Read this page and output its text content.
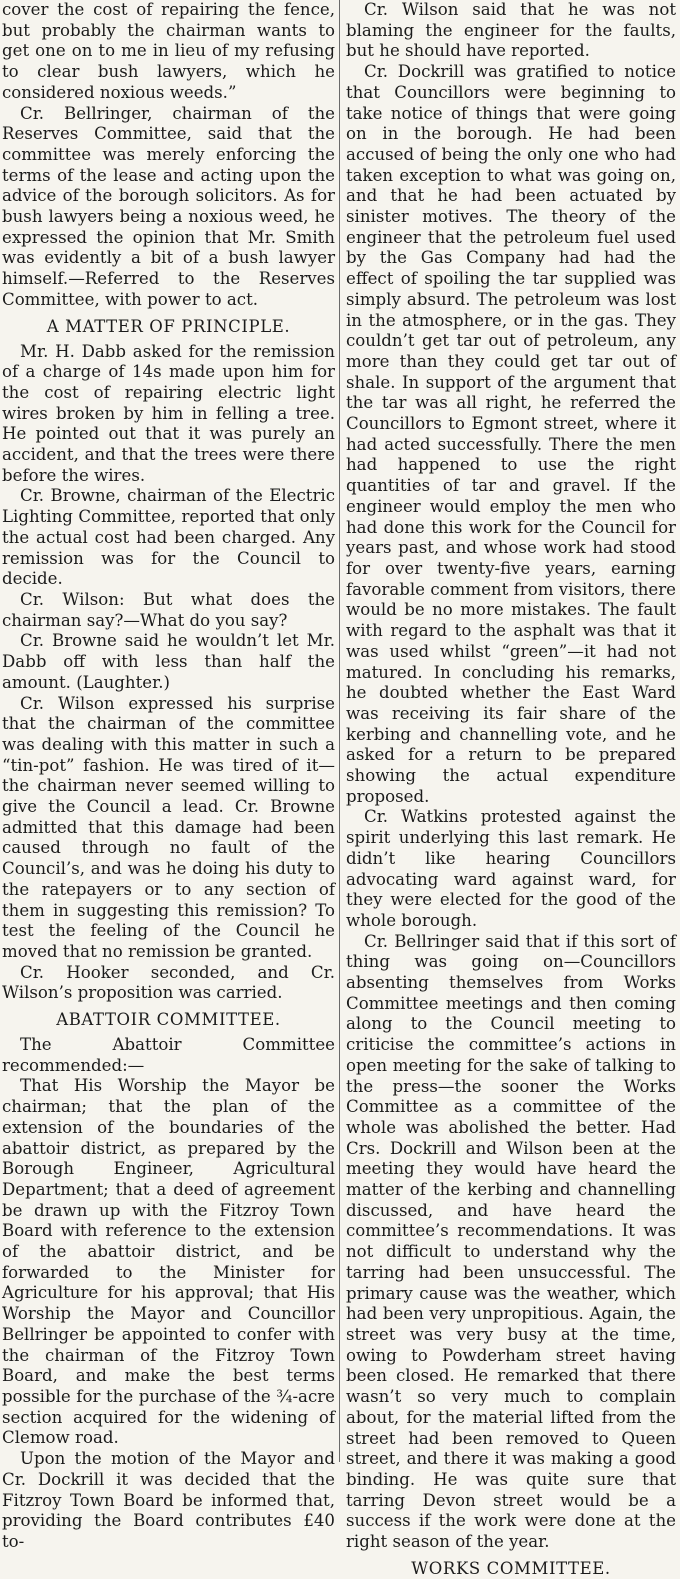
cover the cost of repairing the fence, but probably the chairman wants to get one on to me in lieu of my refusing to clear bush lawyers, which he considered noxious weeds.”

Cr. Bellringer, chairman of the Reserves Committee, said that the committee was merely enforcing the terms of the lease and acting upon the advice of the borough solicitors. As for bush lawyers being a noxious weed, he expressed the opinion that Mr. Smith was evidently a bit of a bush lawyer himself.—Referred to the Reserves Committee, with power to act.

A MATTER OF PRINCIPLE.

Mr. H. Dabb asked for the remission of a charge of 14s made upon him for the cost of repairing electric light wires broken by him in felling a tree. He pointed out that it was purely an accident, and that the trees were there before the wires.

Cr. Browne, chairman of the Electric Lighting Committee, reported that only the actual cost had been charged. Any remission was for the Council to decide.

Cr. Wilson: But what does the chairman say?—What do you say?

Cr. Browne said he wouldn’t let Mr. Dabb off with less than half the amount. (Laughter.)

Cr. Wilson expressed his surprise that the chairman of the committee was dealing with this matter in such a “tin-pot” fashion. He was tired of it—the chairman never seemed willing to give the Council a lead. Cr. Browne admitted that this damage had been caused through no fault of the Council’s, and was he doing his duty to the ratepayers or to any section of them in suggesting this remission? To test the feeling of the Council he moved that no remission be granted.

Cr. Hooker seconded, and Cr. Wilson’s proposition was carried.

ABATTOIR COMMITTEE.

The Abattoir Committee recommended:—

That His Worship the Mayor be chairman; that the plan of the extension of the boundaries of the abattoir district, as prepared by the Borough Engineer, Agricultural Department; that a deed of agreement be drawn up with the Fitzroy Town Board with reference to the extension of the abattoir district, and be forwarded to the Minister for Agriculture for his approval; that His Worship the Mayor and Councillor Bellringer be appointed to confer with the chairman of the Fitzroy Town Board, and make the best terms possible for the purchase of the ¾-acre section acquired for the widening of Clemow road.

Upon the motion of the Mayor and Cr. Dockrill it was decided that the Fitzroy Town Board be informed that, providing the Board contributes £40 to-

Cr. Wilson said that he was not blaming the engineer for the faults, but he should have reported.

Cr. Dockrill was gratified to notice that Councillors were beginning to take notice of things that were going on in the borough. He had been accused of being the only one who had taken exception to what was going on, and that he had been actuated by sinister motives. The theory of the engineer that the petroleum fuel used by the Gas Company had had the effect of spoiling the tar supplied was simply absurd. The petroleum was lost in the atmosphere, or in the gas. They couldn’t get tar out of petroleum, any more than they could get tar out of shale. In support of the argument that the tar was all right, he referred the Councillors to Egmont street, where it had acted successfully. There the men had happened to use the right quantities of tar and gravel. If the engineer would employ the men who had done this work for the Council for years past, and whose work had stood for over twenty-five years, earning favorable comment from visitors, there would be no more mistakes. The fault with regard to the asphalt was that it was used whilst “green”—it had not matured. In concluding his remarks, he doubted whether the East Ward was receiving its fair share of the kerbing and channelling vote, and he asked for a return to be prepared showing the actual expenditure proposed.

Cr. Watkins protested against the spirit underlying this last remark. He didn’t like hearing Councillors advocating ward against ward, for they were elected for the good of the whole borough.

Cr. Bellringer said that if this sort of thing was going on—Councillors absenting themselves from Works Committee meetings and then coming along to the Council meeting to criticise the committee’s actions in open meeting for the sake of talking to the press—the sooner the Works Committee as a committee of the whole was abolished the better. Had Crs. Dockrill and Wilson been at the meeting they would have heard the matter of the kerbing and channelling discussed, and have heard the committee’s recommendations. It was not difficult to understand why the tarring had been unsuccessful. The primary cause was the weather, which had been very unpropitious. Again, the street was very busy at the time, owing to Powderham street having been closed. He remarked that there wasn’t so very much to complain about, for the material lifted from the street had been removed to Queen street, and there it was making a good binding. He was quite sure that tarring Devon street would be a success if the work were done at the right season of the year.

WORKS COMMITTEE.
